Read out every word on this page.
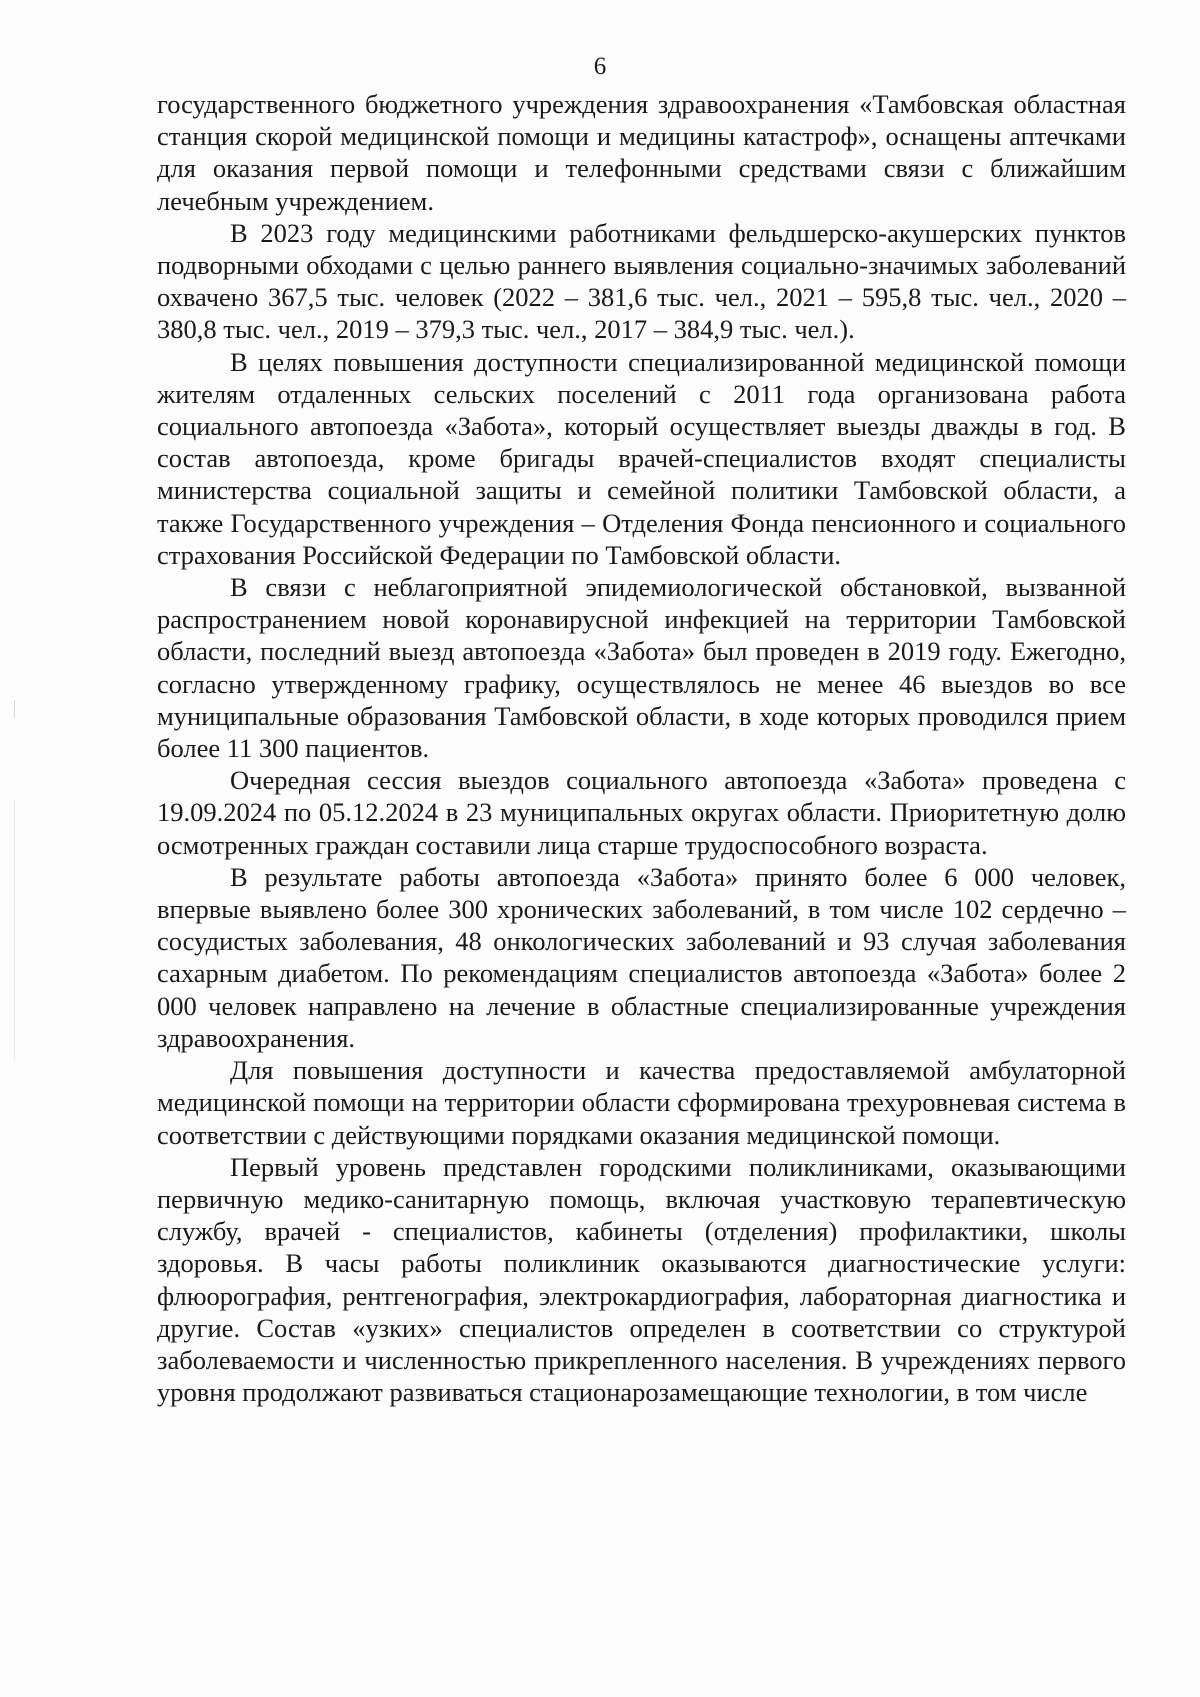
6

государственного бюджетного учреждения здравоохранения «Тамбовская областная станция скорой медицинской помощи и медицины катастроф», оснащены аптечками для оказания первой помощи и телефонными средствами связи с ближайшим лечебным учреждением.

В 2023 году медицинскими работниками фельдшерско-акушерских пунктов подворными обходами с целью раннего выявления социально-значимых заболеваний охвачено 367,5 тыс. человек (2022 – 381,6 тыс. чел., 2021 – 595,8 тыс. чел., 2020 – 380,8 тыс. чел., 2019 – 379,3 тыс. чел., 2017 – 384,9 тыс. чел.).

В целях повышения доступности специализированной медицинской помощи жителям отдаленных сельских поселений с 2011 года организована работа социального автопоезда «Забота», который осуществляет выезды дважды в год. В состав автопоезда, кроме бригады врачей-специалистов входят специалисты министерства социальной защиты и семейной политики Тамбовской области, а также Государственного учреждения – Отделения Фонда пенсионного и социального страхования Российской Федерации по Тамбовской области.

В связи с неблагоприятной эпидемиологической обстановкой, вызванной распространением новой коронавирусной инфекцией на территории Тамбовской области, последний выезд автопоезда «Забота» был проведен в 2019 году. Ежегодно, согласно утвержденному графику, осуществлялось не менее 46 выездов во все муниципальные образования Тамбовской области, в ходе которых проводился прием более 11 300 пациентов.

Очередная сессия выездов социального автопоезда «Забота» проведена с 19.09.2024 по 05.12.2024 в 23 муниципальных округах области. Приоритетную долю осмотренных граждан составили лица старше трудоспособного возраста.

В результате работы автопоезда «Забота» принято более 6 000 человек, впервые выявлено более 300 хронических заболеваний, в том числе 102 сердечно – сосудистых заболевания, 48 онкологических заболеваний и 93 случая заболевания сахарным диабетом. По рекомендациям специалистов автопоезда «Забота» более 2 000 человек направлено на лечение в областные специализированные учреждения здравоохранения.

Для повышения доступности и качества предоставляемой амбулаторной медицинской помощи на территории области сформирована трехуровневая система в соответствии с действующими порядками оказания медицинской помощи.

Первый уровень представлен городскими поликлиниками, оказывающими первичную медико-санитарную помощь, включая участковую терапевтическую службу, врачей - специалистов, кабинеты (отделения) профилактики, школы здоровья. В часы работы поликлиник оказываются диагностические услуги: флюорография, рентгенография, электрокардиография, лабораторная диагностика и другие. Состав «узких» специалистов определен в соответствии со структурой заболеваемости и численностью прикрепленного населения. В учреждениях первого уровня продолжают развиваться стационарозамещающие технологии, в том числе
